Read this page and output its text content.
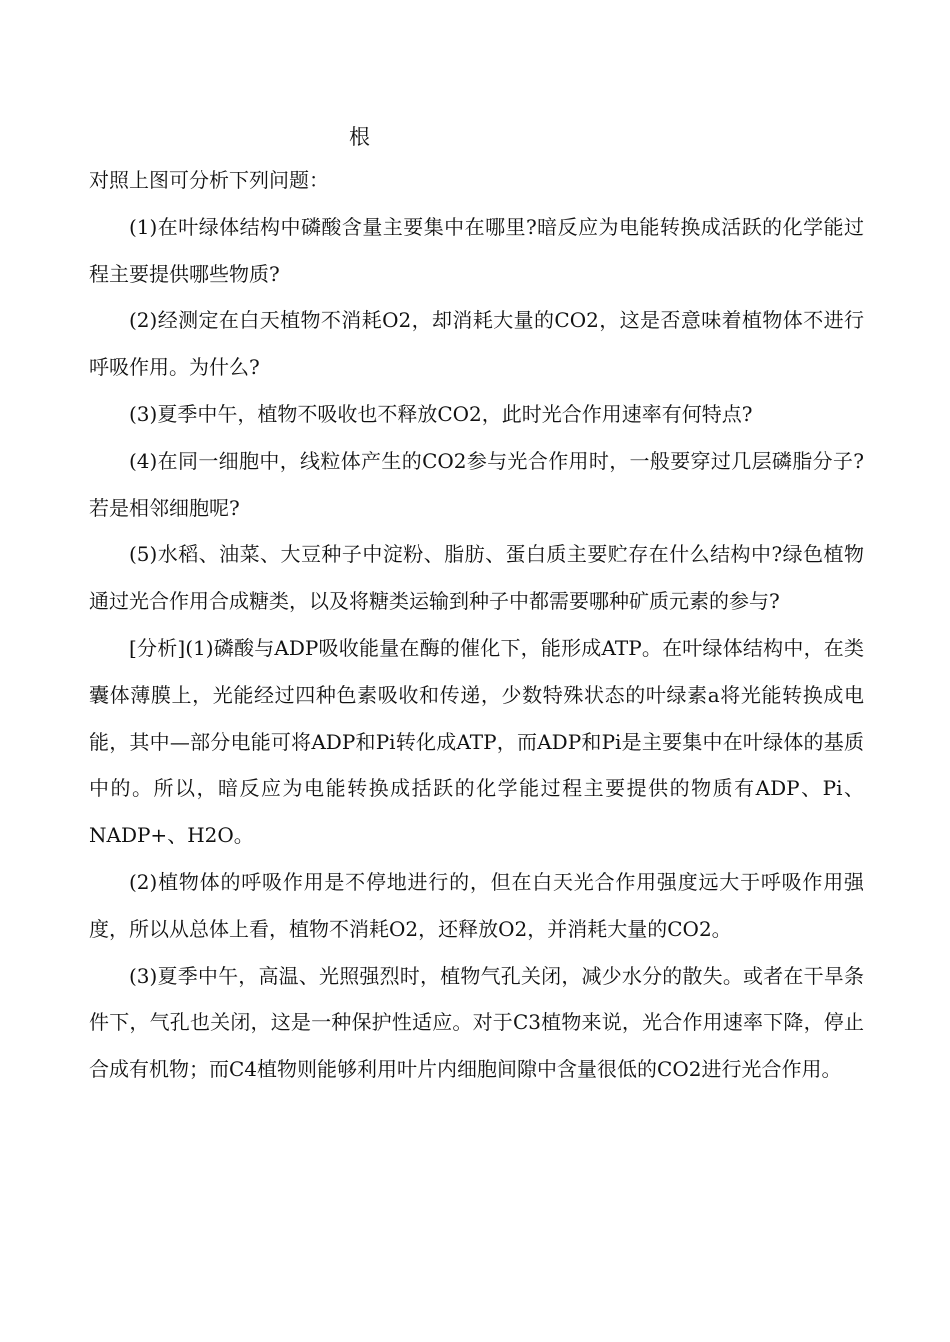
根

对照上图可分析下列问题：

(1)在叶绿体结构中磷酸含量主要集中在哪里?暗反应为电能转换成活跃的化学能过程主要提供哪些物质?

(2)经测定在白天植物不消耗O2，却消耗大量的CO2，这是否意味着植物体不进行呼吸作用。为什么?

(3)夏季中午，植物不吸收也不释放CO2，此时光合作用速率有何特点?

(4)在同一细胞中，线粒体产生的CO2参与光合作用时，一般要穿过几层磷脂分子?若是相邻细胞呢?

(5)水稻、油菜、大豆种子中淀粉、脂肪、蛋白质主要贮存在什么结构中?绿色植物通过光合作用合成糖类，以及将糖类运输到种子中都需要哪种矿质元素的参与?

[分析](1)磷酸与ADP吸收能量在酶的催化下，能形成ATP。在叶绿体结构中，在类囊体薄膜上，光能经过四种色素吸收和传递，少数特殊状态的叶绿素a将光能转换成电能，其中—部分电能可将ADP和Pi转化成ATP，而ADP和Pi是主要集中在叶绿体的基质中的。所以，暗反应为电能转换成括跃的化学能过程主要提供的物质有ADP、Pi、NADP+、H2O。

(2)植物体的呼吸作用是不停地进行的，但在白天光合作用强度远大于呼吸作用强度，所以从总体上看，植物不消耗O2，还释放O2，并消耗大量的CO2。

(3)夏季中午，高温、光照强烈时，植物气孔关闭，减少水分的散失。或者在干旱条件下，气孔也关闭，这是一种保护性适应。对于C3植物来说，光合作用速率下降，停止合成有机物；而C4植物则能够利用叶片内细胞间隙中含量很低的CO2进行光合作用。
